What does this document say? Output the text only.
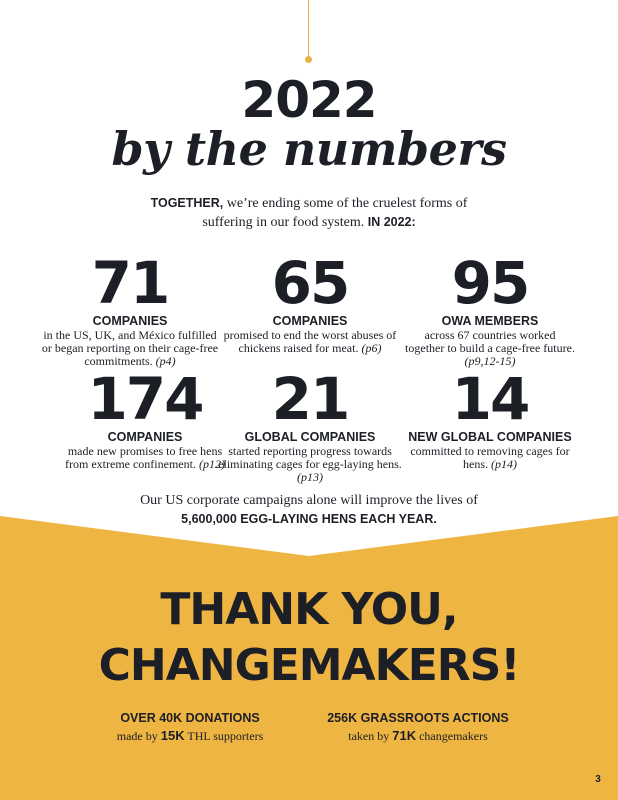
2022
by the numbers
TOGETHER, we’re ending some of the cruelest forms of suffering in our food system. IN 2022:
71
COMPANIES
in the US, UK, and México fulfilled or began reporting on their cage-free commitments. (p4)
65
COMPANIES
promised to end the worst abuses of chickens raised for meat. (p6)
95
OWA MEMBERS
across 67 countries worked together to build a cage-free future. (p9,12-15)
174
COMPANIES
made new promises to free hens from extreme confinement. (p12)
21
GLOBAL COMPANIES
started reporting progress towards eliminating cages for egg-laying hens. (p13)
14
NEW GLOBAL COMPANIES
committed to removing cages for hens. (p14)
Our US corporate campaigns alone will improve the lives of 5,600,000 EGG-LAYING HENS EACH YEAR.
THANK YOU,
CHANGEMAKERS!
OVER 40K DONATIONS
made by 15K THL supporters
256K GRASSROOTS ACTIONS
taken by 71K changemakers
3
